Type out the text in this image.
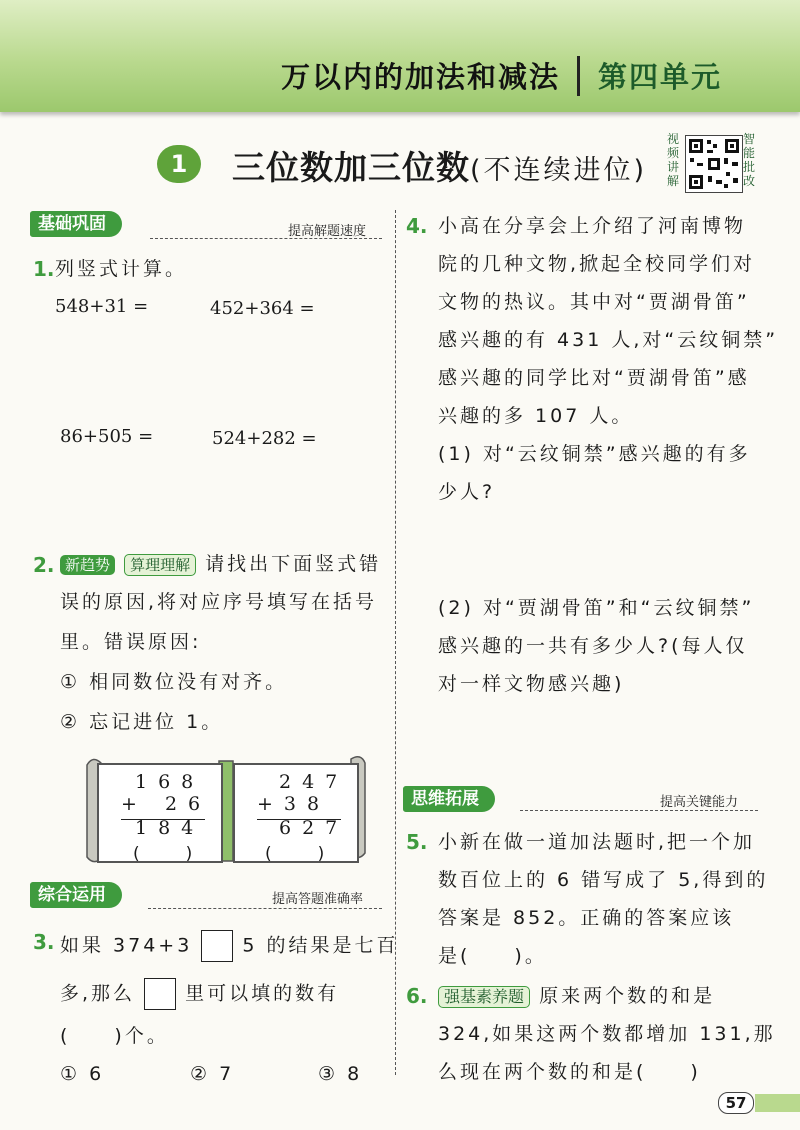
万以内的加法和减法 第四单元
1	三位数加三位数(不连续进位)
视频讲解
智能批改
基础巩固	提高解题速度
1. 列竖式计算。
548+31 =	452+364 =
86+505 =	524+282 =
2. 新趋势 算理理解 请找出下面竖式错
误的原因,将对应序号填写在括号
里。错误原因:
① 相同数位没有对齐。
② 忘记进位 1。
168
+ 26
184
(　　)
247
+38
627
(　　)
综合运用	提高答题准确率
3. 如果 374+3	5 的结果是七百
多,那么	里可以填的数有
(　　)个。
① 6	② 7	③ 8
4. 小高在分享会上介绍了河南博物
院的几种文物,掀起全校同学们对
文物的热议。其中对“贾湖骨笛”
感兴趣的有 431 人,对“云纹铜禁”
感兴趣的同学比对“贾湖骨笛”感
兴趣的多 107 人。
(1) 对“云纹铜禁”感兴趣的有多
少人?
(2) 对“贾湖骨笛”和“云纹铜禁”
感兴趣的一共有多少人?(每人仅
对一样文物感兴趣)
思维拓展	提高关键能力
5. 小新在做一道加法题时,把一个加
数百位上的 6 错写成了 5,得到的
答案是 852。正确的答案应该
是(　　)。
6.	强基素养题 原来两个数的和是
324,如果这两个数都增加 131,那
么现在两个数的和是(　　)
57
